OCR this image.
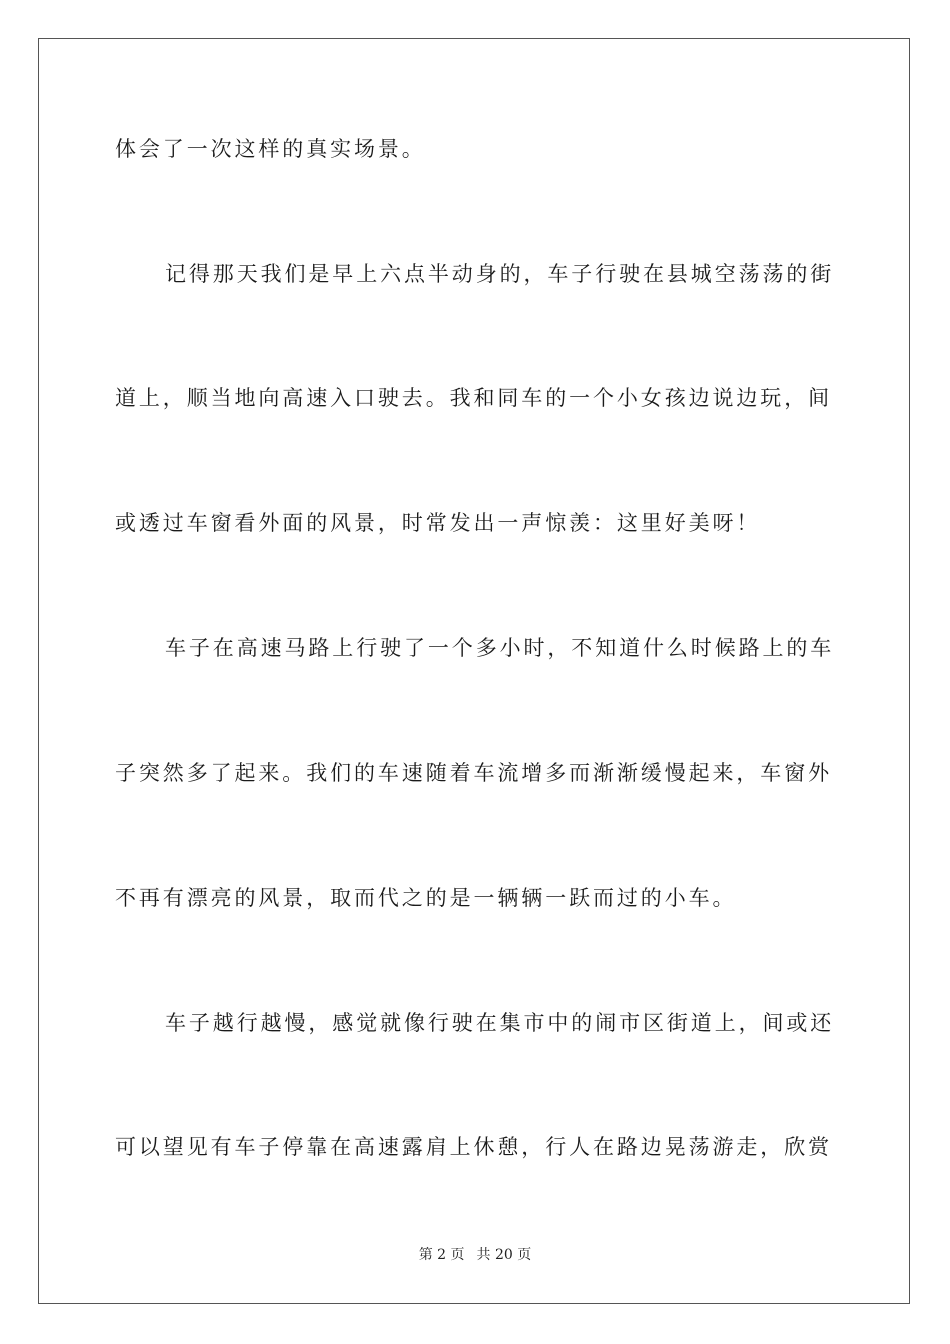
体会了一次这样的真实场景。
记得那天我们是早上六点半动身的，车子行驶在县城空荡荡的街
道上，顺当地向高速入口驶去。我和同车的一个小女孩边说边玩，间
或透过车窗看外面的风景，时常发出一声惊羡：这里好美呀！
车子在高速马路上行驶了一个多小时，不知道什么时候路上的车
子突然多了起来。我们的车速随着车流增多而渐渐缓慢起来，车窗外
不再有漂亮的风景，取而代之的是一辆辆一跃而过的小车。
车子越行越慢，感觉就像行驶在集市中的闹市区街道上，间或还
可以望见有车子停靠在高速露肩上休憩，行人在路边晃荡游走，欣赏
第 2 页 共 20 页
